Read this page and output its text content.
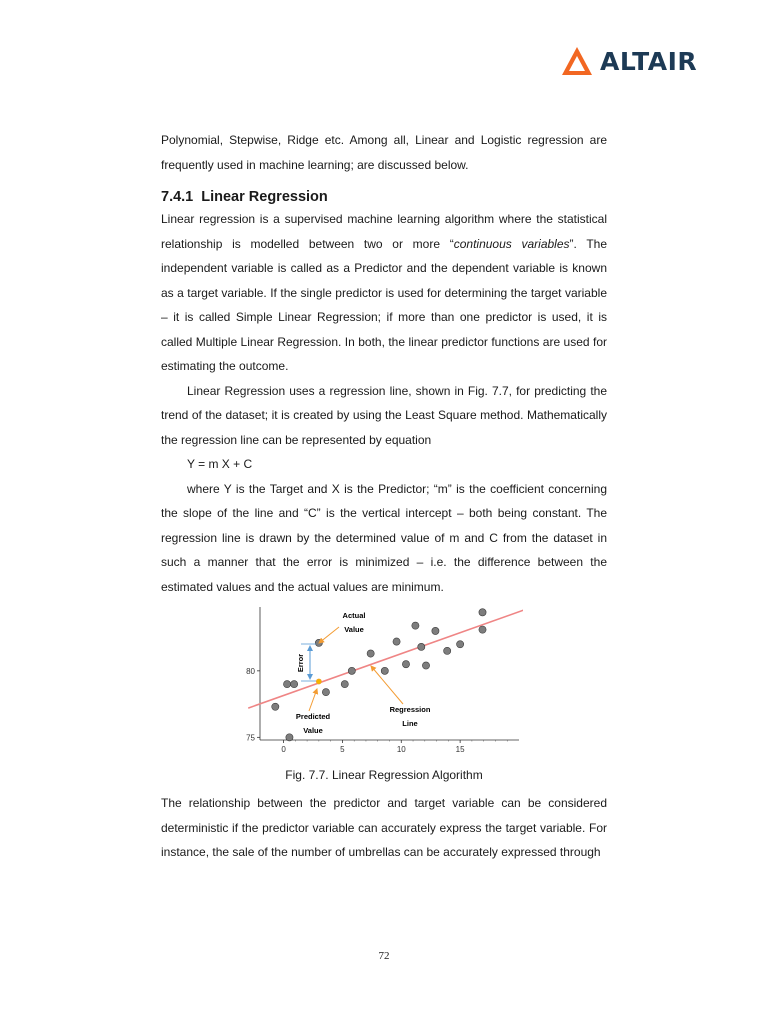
ALTAIR

Polynomial, Stepwise, Ridge etc. Among all, Linear and Logistic regression are frequently used in machine learning; are discussed below.

7.4.1 Linear Regression

Linear regression is a supervised machine learning algorithm where the statistical relationship is modelled between two or more “continuous variables”. The independent variable is called as a Predictor and the dependent variable is known as a target variable. If the single predictor is used for determining the target variable – it is called Simple Linear Regression; if more than one predictor is used, it is called Multiple Linear Regression. In both, the linear predictor functions are used for estimating the outcome.

Linear Regression uses a regression line, shown in Fig. 7.7, for predicting the trend of the dataset; it is created by using the Least Square method. Mathematically the regression line can be represented by equation

Y = m X + C

where Y is the Target and X is the Predictor; “m” is the coefficient concerning the slope of the line and “C” is the vertical intercept – both being constant. The regression line is drawn by the determined value of m and C from the dataset in such a manner that the error is minimized – i.e. the difference between the estimated values and the actual values are minimum.

0	5	10	15
75
80
Actual
Value
Error
Predicted
Value
Regression
Line

Fig. 7.7. Linear Regression Algorithm

The relationship between the predictor and target variable can be considered deterministic if the predictor variable can accurately express the target variable. For instance, the sale of the number of umbrellas can be accurately expressed through

72
